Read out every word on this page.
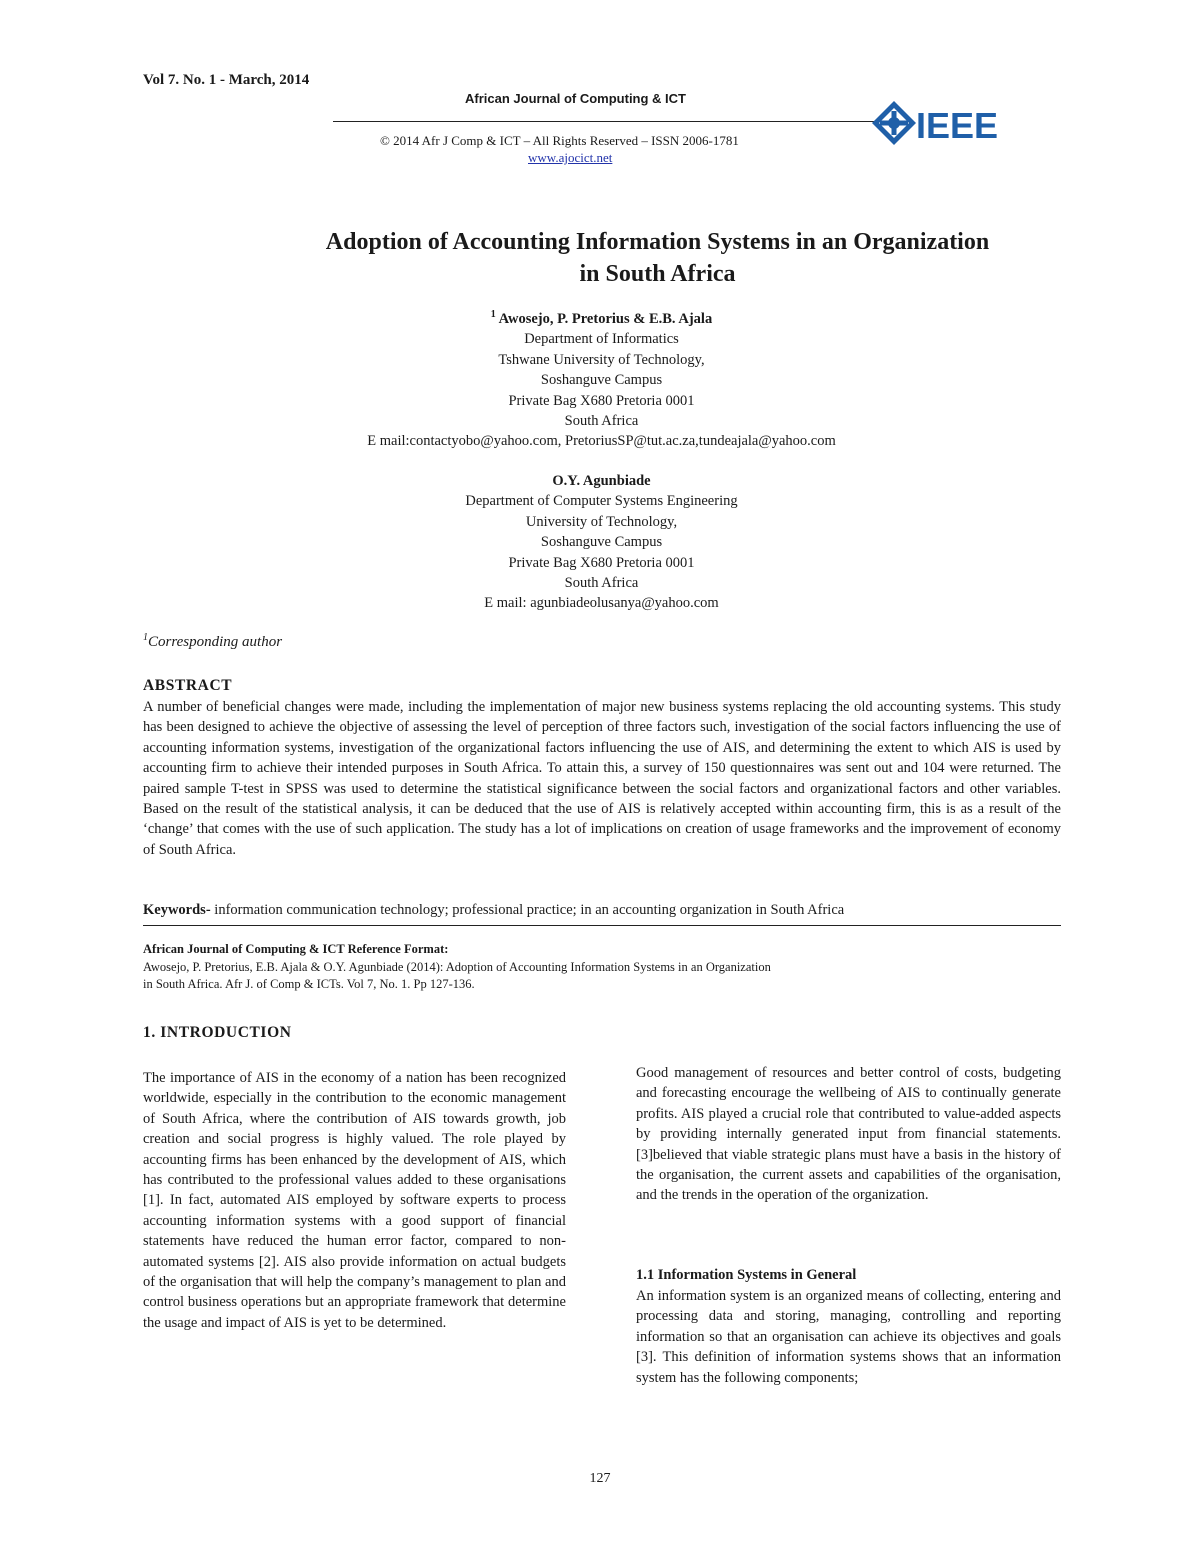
Vol 7. No. 1 - March, 2014
African Journal of Computing & ICT
© 2014 Afr J Comp & ICT – All Rights Reserved – ISSN 2006-1781
www.ajocict.net
IEEE
Adoption of Accounting Information Systems in an Organization
in South Africa
$^1$ Awosejo, P. Pretorius & E.B. Ajala
Department of Informatics
Tshwane University of Technology,
Soshanguve Campus
Private Bag X680 Pretoria 0001
South Africa
E mail:contactyobo@yahoo.com, PretoriusSP@tut.ac.za,tundeajala@yahoo.com
O.Y. Agunbiade
Department of Computer Systems Engineering
University of Technology,
Soshanguve Campus
Private Bag X680 Pretoria 0001
South Africa
E mail: agunbiadeolusanya@yahoo.com
$^1$Corresponding author
ABSTRACT
A number of beneficial changes were made, including the implementation of major new business systems replacing the old accounting systems. This study has been designed to achieve the objective of assessing the level of perception of three factors such, investigation of the social factors influencing the use of accounting information systems, investigation of the organizational factors influencing the use of AIS, and determining the extent to which AIS is used by accounting firm to achieve their intended purposes in South Africa. To attain this, a survey of 150 questionnaires was sent out and 104 were returned. The paired sample T-test in SPSS was used to determine the statistical significance between the social factors and organizational factors and other variables. Based on the result of the statistical analysis, it can be deduced that the use of AIS is relatively accepted within accounting firm, this is as a result of the ‘change’ that comes with the use of such application. The study has a lot of implications on creation of usage frameworks and the improvement of economy of South Africa.
Keywords- information communication technology; professional practice; in an accounting organization in South Africa
African Journal of Computing & ICT Reference Format:
Awosejo, P. Pretorius, E.B. Ajala & O.Y. Agunbiade (2014): Adoption of Accounting Information Systems in an Organization
in South Africa. Afr J. of Comp & ICTs. Vol 7, No. 1. Pp 127-136.
1. INTRODUCTION
The importance of AIS in the economy of a nation has been recognized worldwide, especially in the contribution to the economic management of South Africa, where the contribution of AIS towards growth, job creation and social progress is highly valued. The role played by accounting firms has been enhanced by the development of AIS, which has contributed to the professional values added to these organisations [1]. In fact, automated AIS employed by software experts to process accounting information systems with a good support of financial statements have reduced the human error factor, compared to non-automated systems [2]. AIS also provide information on actual budgets of the organisation that will help the company’s management to plan and control business operations but an appropriate framework that determine the usage and impact of AIS is yet to be determined.
Good management of resources and better control of costs, budgeting and forecasting encourage the wellbeing of AIS to continually generate profits. AIS played a crucial role that contributed to value-added aspects by providing internally generated input from financial statements. [3]believed that viable strategic plans must have a basis in the history of the organisation, the current assets and capabilities of the organisation, and the trends in the operation of the organization.
1.1 Information Systems in General
An information system is an organized means of collecting, entering and processing data and storing, managing, controlling and reporting information so that an organisation can achieve its objectives and goals [3]. This definition of information systems shows that an information system has the following components;
127
